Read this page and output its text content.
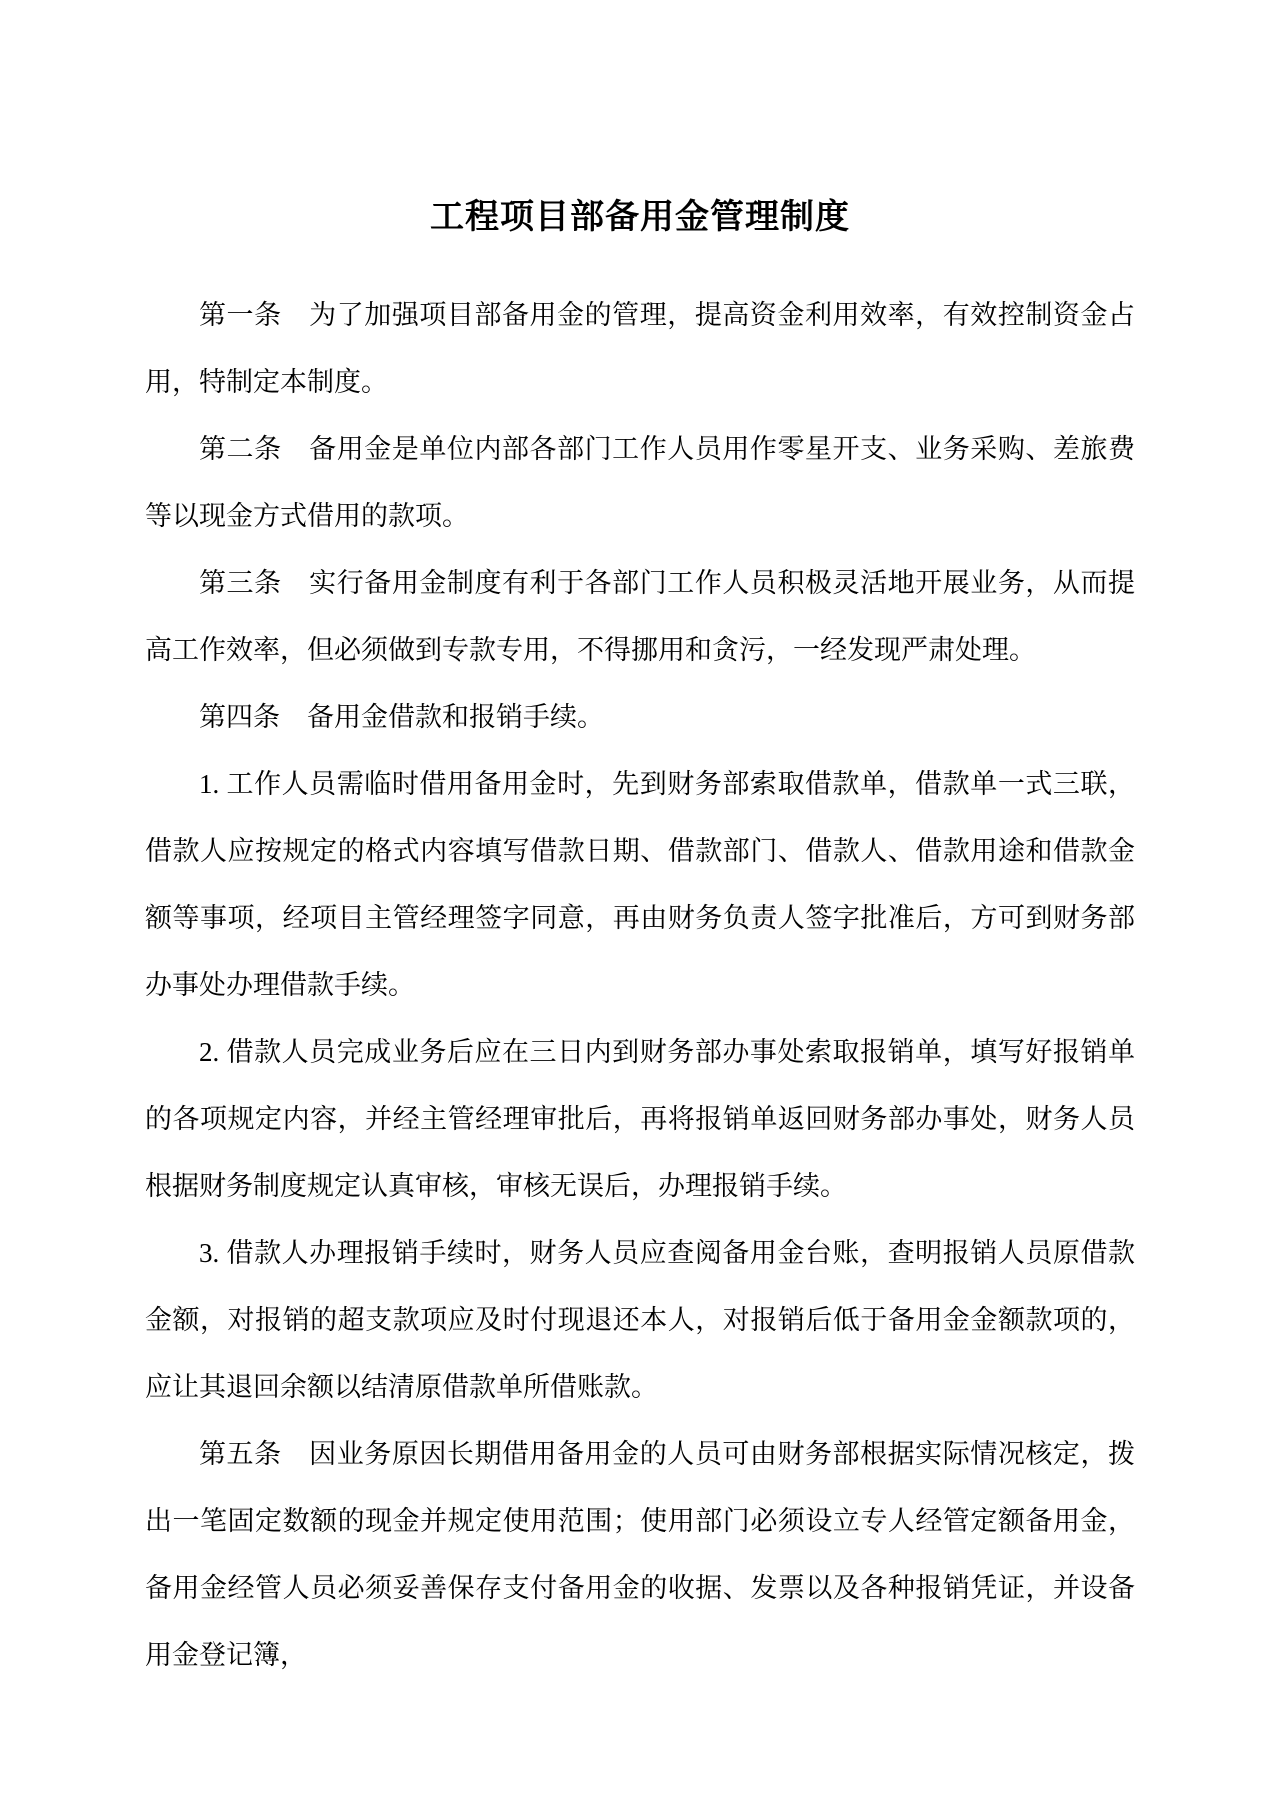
工程项目部备用金管理制度

第一条　为了加强项目部备用金的管理，提高资金利用效率，有效控制资金占用，特制定本制度。

第二条　备用金是单位内部各部门工作人员用作零星开支、业务采购、差旅费等以现金方式借用的款项。

第三条　实行备用金制度有利于各部门工作人员积极灵活地开展业务，从而提高工作效率，但必须做到专款专用，不得挪用和贪污，一经发现严肃处理。

第四条　备用金借款和报销手续。

1. 工作人员需临时借用备用金时，先到财务部索取借款单，借款单一式三联，借款人应按规定的格式内容填写借款日期、借款部门、借款人、借款用途和借款金额等事项，经项目主管经理签字同意，再由财务负责人签字批准后，方可到财务部办事处办理借款手续。

2. 借款人员完成业务后应在三日内到财务部办事处索取报销单，填写好报销单的各项规定内容，并经主管经理审批后，再将报销单返回财务部办事处，财务人员根据财务制度规定认真审核，审核无误后，办理报销手续。

3. 借款人办理报销手续时，财务人员应查阅备用金台账，查明报销人员原借款金额，对报销的超支款项应及时付现退还本人，对报销后低于备用金金额款项的，应让其退回余额以结清原借款单所借账款。

第五条　因业务原因长期借用备用金的人员可由财务部根据实际情况核定，拨出一笔固定数额的现金并规定使用范围；使用部门必须设立专人经管定额备用金，备用金经管人员必须妥善保存支付备用金的收据、发票以及各种报销凭证，并设备用金登记簿，
